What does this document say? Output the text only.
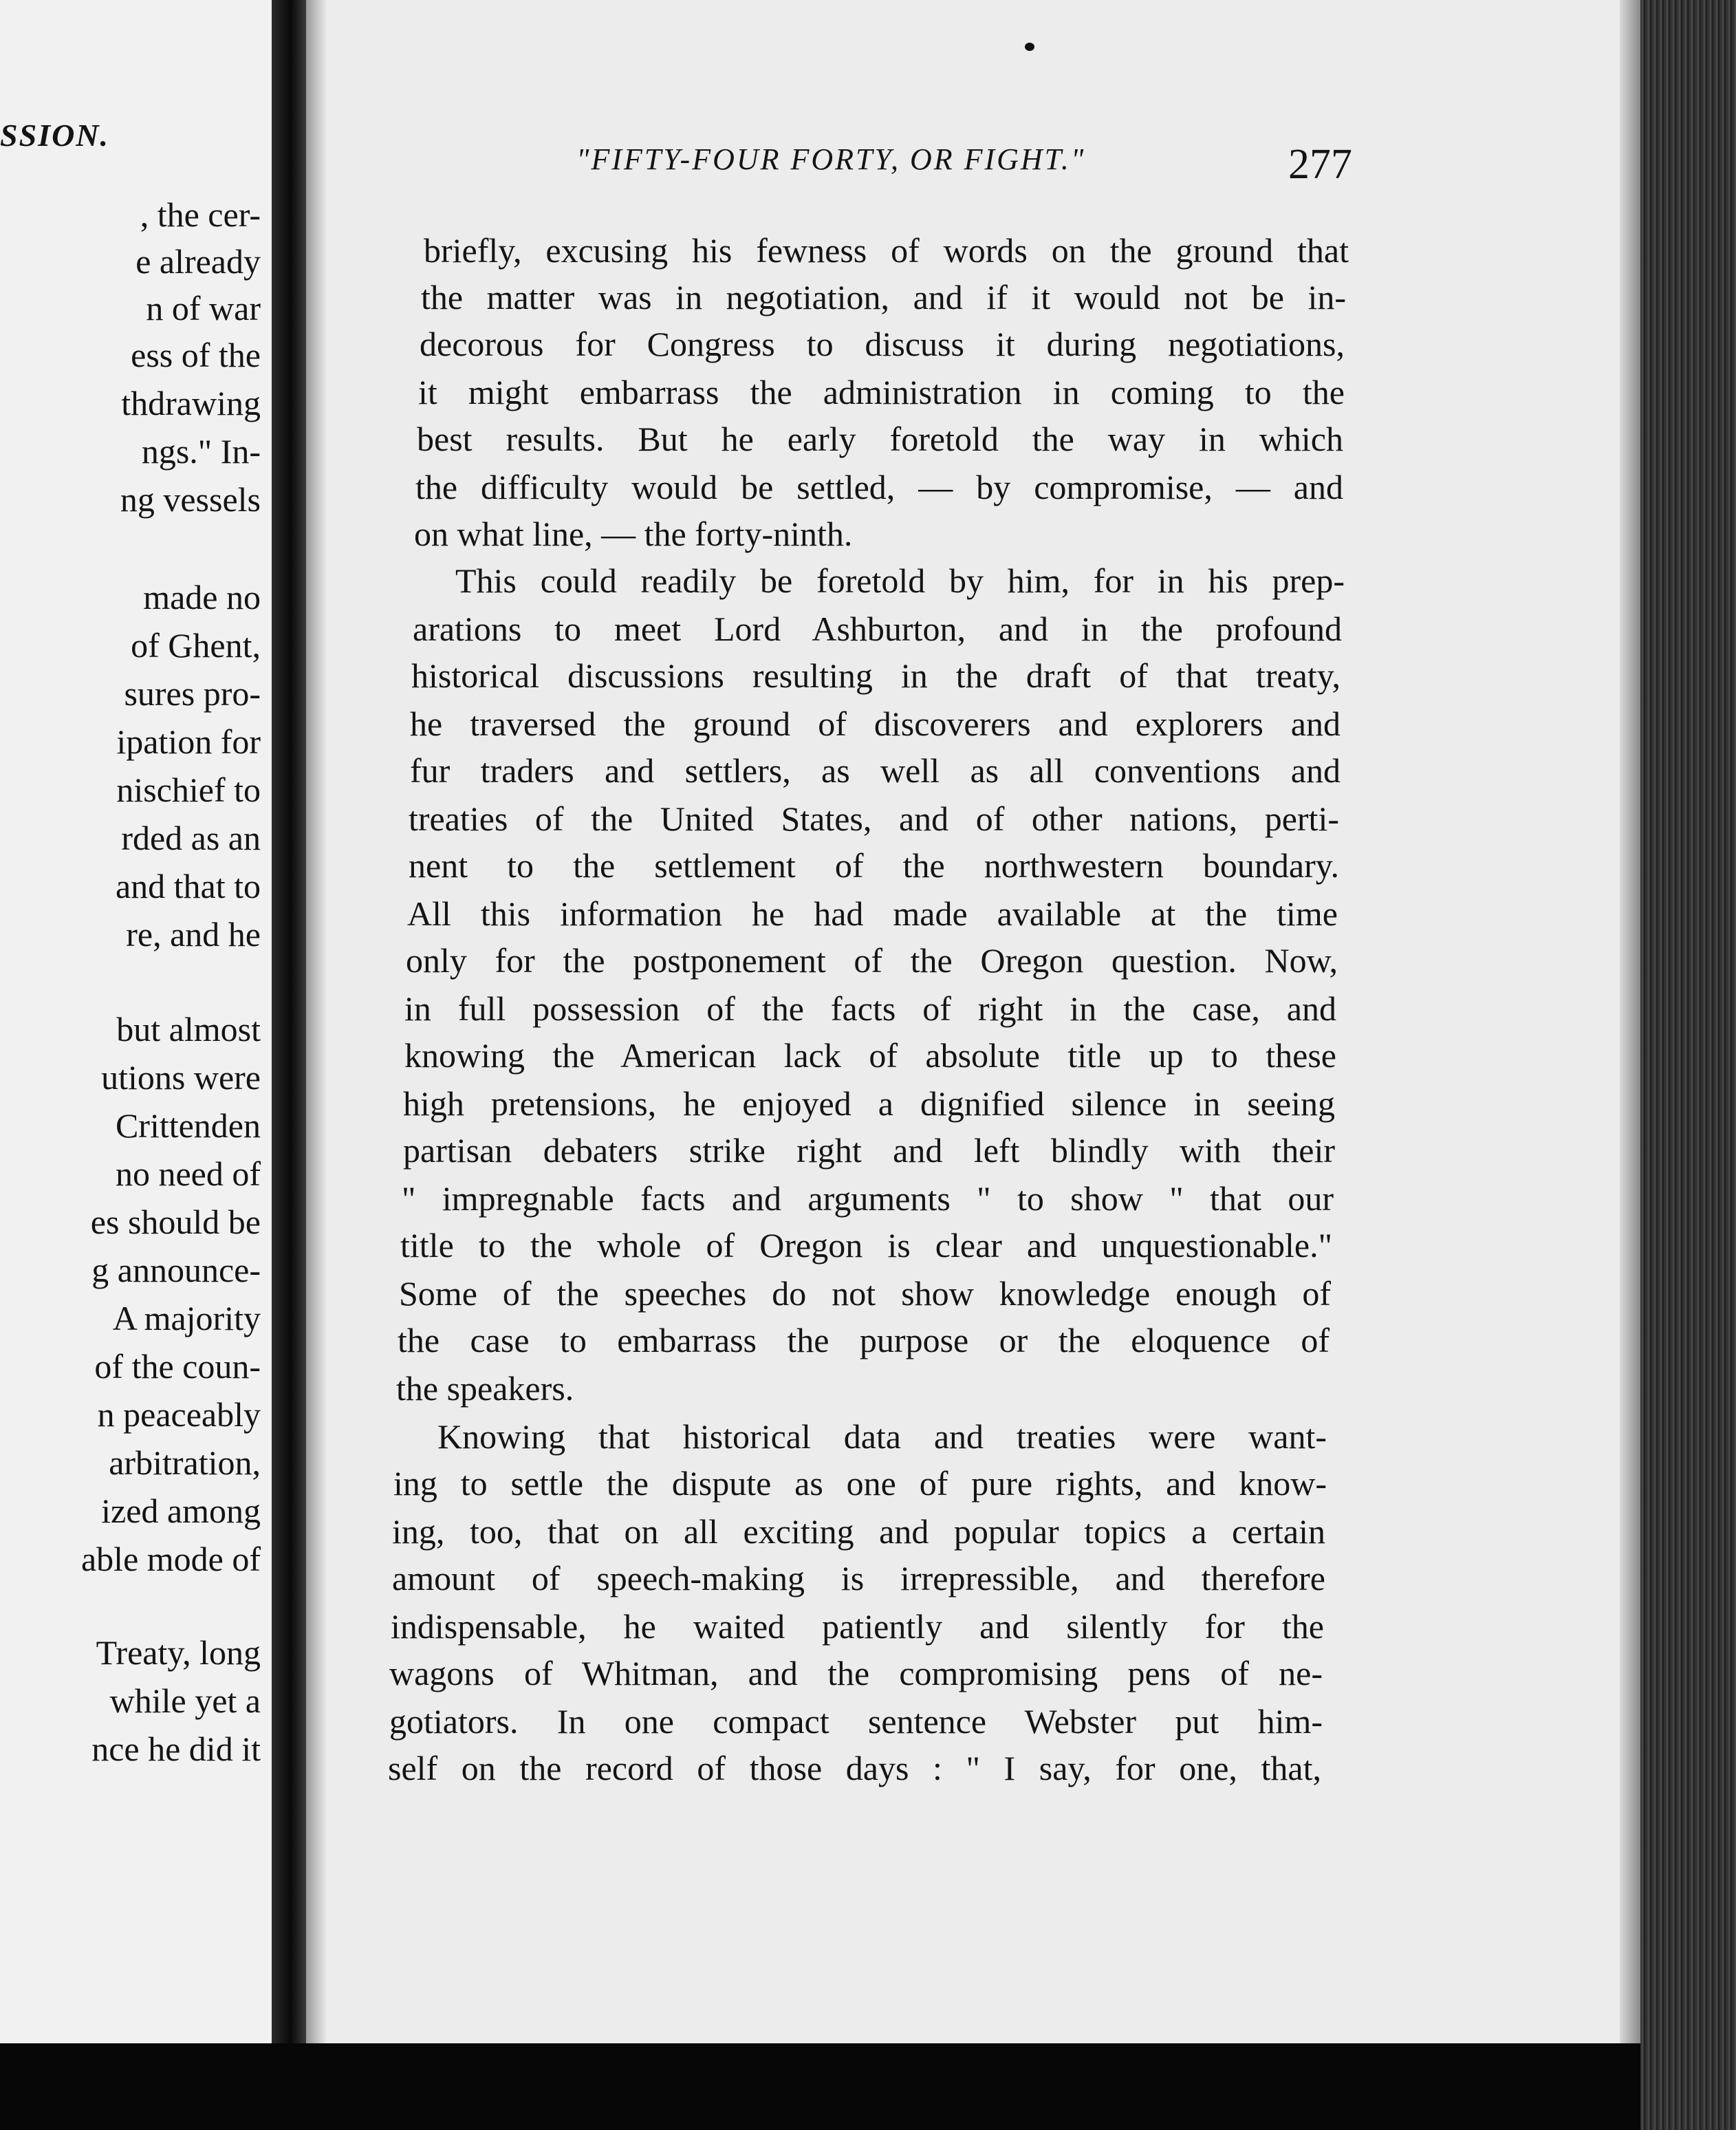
SSION.
, the cer-
e already
n of war
ess of the
thdrawing
ngs." In-
ng vessels
made no
of Ghent,
sures pro-
ipation for
nischief to
rded as an
and that to
re, and he
but almost
utions were
Crittenden
no need of
es should be
g announce-
A majority
of the coun-
n peaceably
arbitration,
ized among
able mode of
Treaty, long
while yet a
nce he did it
"FIFTY-FOUR FORTY, OR FIGHT."	277
briefly, excusing his fewness of words on the ground that
the matter was in negotiation, and if it would not be in-
decorous for Congress to discuss it during negotiations,
it might embarrass the administration in coming to the
best results. But he early foretold the way in which
the difficulty would be settled, — by compromise, — and
on what line, — the forty-ninth.
This could readily be foretold by him, for in his prep-
arations to meet Lord Ashburton, and in the profound
historical discussions resulting in the draft of that treaty,
he traversed the ground of discoverers and explorers and
fur traders and settlers, as well as all conventions and
treaties of the United States, and of other nations, perti-
nent to the settlement of the northwestern boundary.
All this information he had made available at the time
only for the postponement of the Oregon question. Now,
in full possession of the facts of right in the case, and
knowing the American lack of absolute title up to these
high pretensions, he enjoyed a dignified silence in seeing
partisan debaters strike right and left blindly with their
" impregnable facts and arguments " to show " that our
title to the whole of Oregon is clear and unquestionable."
Some of the speeches do not show knowledge enough of
the case to embarrass the purpose or the eloquence of
the speakers.
Knowing that historical data and treaties were want-
ing to settle the dispute as one of pure rights, and know-
ing, too, that on all exciting and popular topics a certain
amount of speech-making is irrepressible, and therefore
indispensable, he waited patiently and silently for the
wagons of Whitman, and the compromising pens of ne-
gotiators. In one compact sentence Webster put him-
self on the record of those days : " I say, for one, that,
